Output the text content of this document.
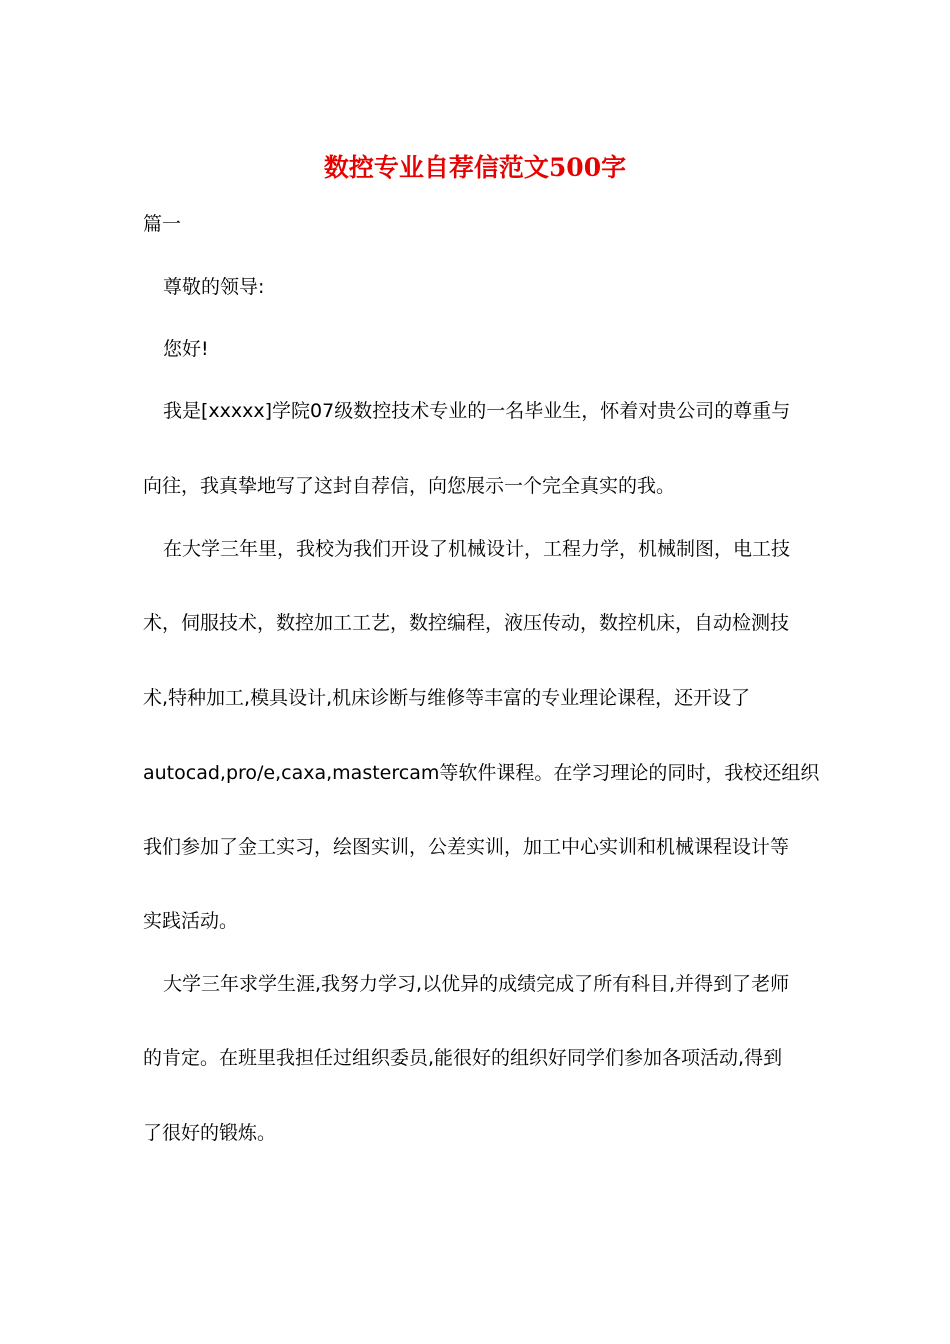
数控专业自荐信范文500字

篇一

尊敬的领导:

您好!

我是[xxxxx]学院07级数控技术专业的一名毕业生，怀着对贵公司的尊重与

向往，我真挚地写了这封自荐信，向您展示一个完全真实的我。

在大学三年里，我校为我们开设了机械设计，工程力学，机械制图，电工技

术，伺服技术，数控加工工艺，数控编程，液压传动，数控机床，自动检测技

术,特种加工,模具设计,机床诊断与维修等丰富的专业理论课程，还开设了

autocad,pro/e,caxa,mastercam等软件课程。在学习理论的同时，我校还组织

我们参加了金工实习，绘图实训，公差实训，加工中心实训和机械课程设计等

实践活动。

大学三年求学生涯,我努力学习,以优异的成绩完成了所有科目,并得到了老师

的肯定。在班里我担任过组织委员,能很好的组织好同学们参加各项活动,得到

了很好的锻炼。
